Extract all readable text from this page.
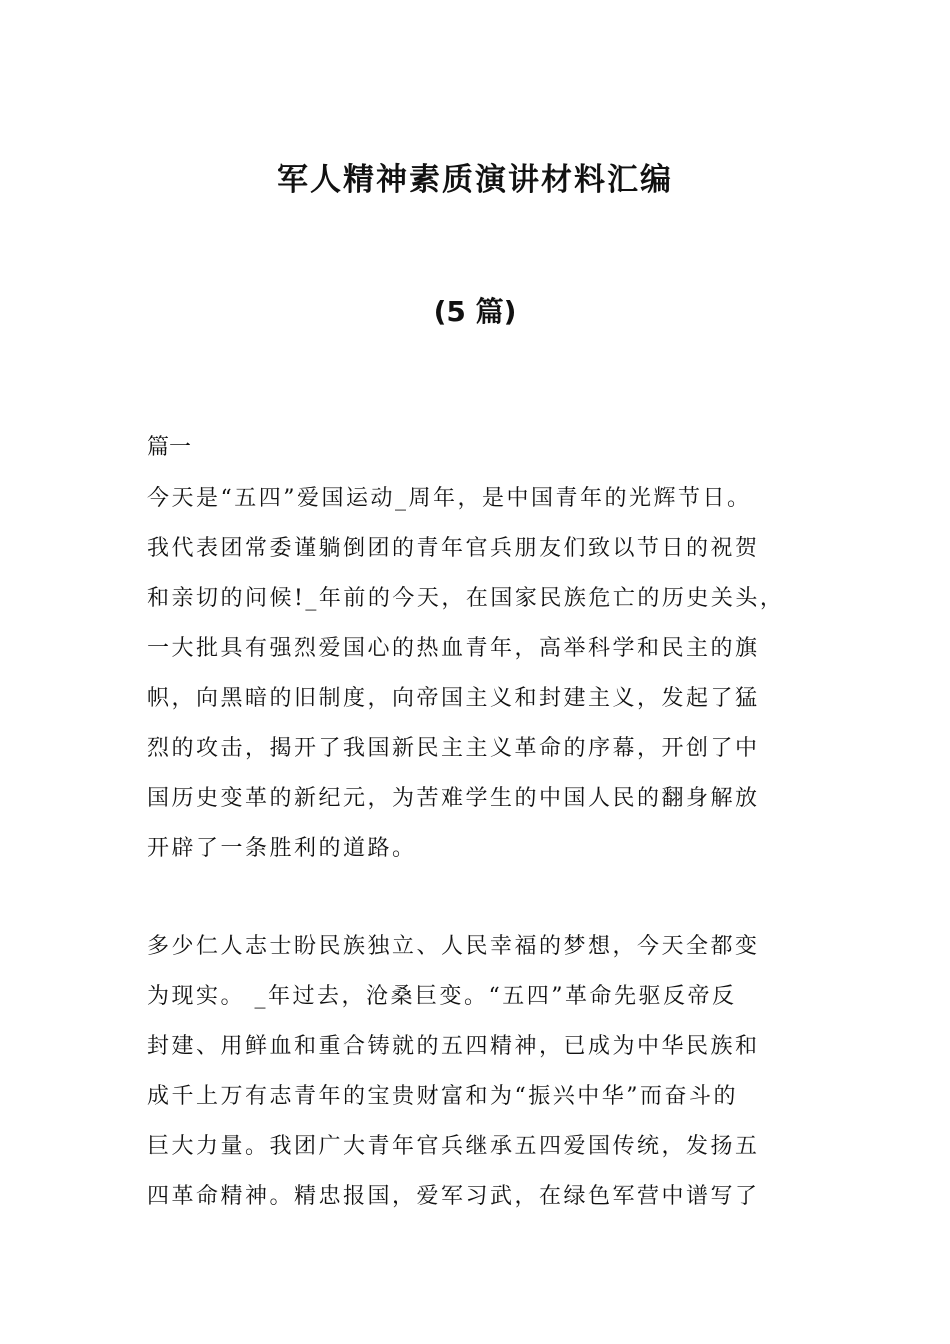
军人精神素质演讲材料汇编
(5 篇)
篇一

今天是“五四”爱国运动_周年，是中国青年的光辉节日。
我代表团常委谨躺倒团的青年官兵朋友们致以节日的祝贺
和亲切的问候!_年前的今天，在国家民族危亡的历史关头，
一大批具有强烈爱国心的热血青年，高举科学和民主的旗
帜，向黑暗的旧制度，向帝国主义和封建主义，发起了猛
烈的攻击，揭开了我国新民主主义革命的序幕，开创了中
国历史变革的新纪元，为苦难学生的中国人民的翻身解放
开辟了一条胜利的道路。

多少仁人志士盼民族独立、人民幸福的梦想，今天全都变
为现实。 _年过去，沧桑巨变。“五四”革命先驱反帝反
封建、用鲜血和重合铸就的五四精神，已成为中华民族和
成千上万有志青年的宝贵财富和为“振兴中华”而奋斗的
巨大力量。我团广大青年官兵继承五四爱国传统，发扬五
四革命精神。精忠报国，爱军习武，在绿色军营中谱写了
